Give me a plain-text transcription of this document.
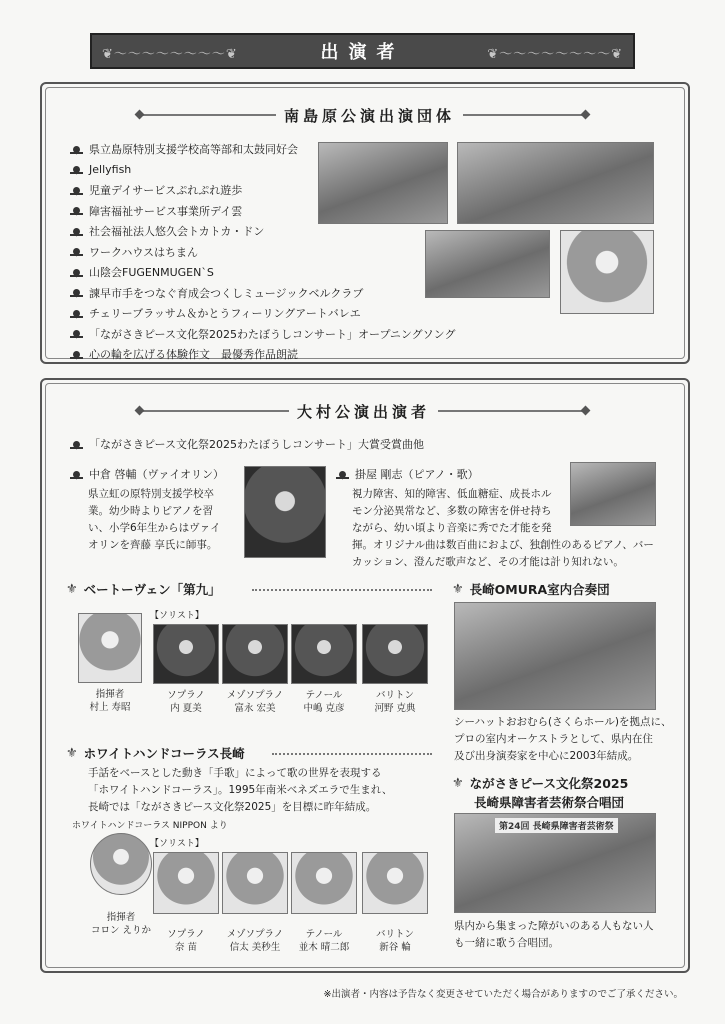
❦～～～～～～～～❦	❦～～～～～～～～❦
出演者
南島原公演出演団体
県立島原特別支援学校高等部和太鼓同好会
Jellyfish
児童デイサービスぷれぷれ遊歩
障害福祉サービス事業所デイ雲
社会福祉法人悠久会トカトカ・ドン
ワークハウスはちまん
山陰会FUGENMUGEN`S
諫早市手をつなぐ育成会つくしミュージックベルクラブ
チェリーブラッサム＆かとうフィーリングアートバレエ
「ながさきピース文化祭2025わたぼうしコンサート」オープニングソング
心の輪を広げる体験作文　最優秀作品朗読
大村公演出演者
「ながさきピース文化祭2025わたぼうしコンサート」大賞受賞曲他
中倉 啓輔（ヴァイオリン）
県立虹の原特別支援学校卒
業。幼少時よりピアノを習
い、小学6年生からはヴァイ
オリンを齊藤 享氏に師事。
掛屋 剛志（ピアノ・歌）
視力障害、知的障害、低血糖症、成長ホル
モン分泌異常など、多数の障害を併せ持ち
ながら、幼い頃より音楽に秀でた才能を発
揮。オリジナル曲は数百曲におよび、独創性のあるピアノ、バー
カッション、澄んだ歌声など、その才能は計り知れない。
⚜ ベートーヴェン「第九」
【ソリスト】
指揮者
村上 寿昭
ソプラノ
内 夏美
メゾソプラノ
富永 宏美
テノール
中嶋 克彦
バリトン
河野 克典
⚜ 長崎OMURA室内合奏団
シーハットおおむら(さくらホール)を拠点に、
プロの室内オーケストラとして、県内在住
及び出身演奏家を中心に2003年結成。
⚜ ホワイトハンドコーラス長崎
手話をベースとした動き「手歌」によって歌の世界を表現する
「ホワイトハンドコーラス」。1995年南米ベネズエラで生まれ、
長崎では「ながさきピース文化祭2025」を目標に昨年結成。
ホワイトハンドコーラス NIPPON より
【ソリスト】
指揮者
コロン えりか	ソプラノ
奈 苗
メゾソプラノ
信太 美秒生
テノール
並木 晴二郎
バリトン
新谷 輪
⚜ ながさきピース文化祭2025
長崎県障害者芸術祭合唱団
第24回 長崎県障害者芸術祭
県内から集まった障がいのある人もない人
も一緒に歌う合唱団。
※出演者・内容は予告なく変更させていただく場合がありますのでご了承ください。
